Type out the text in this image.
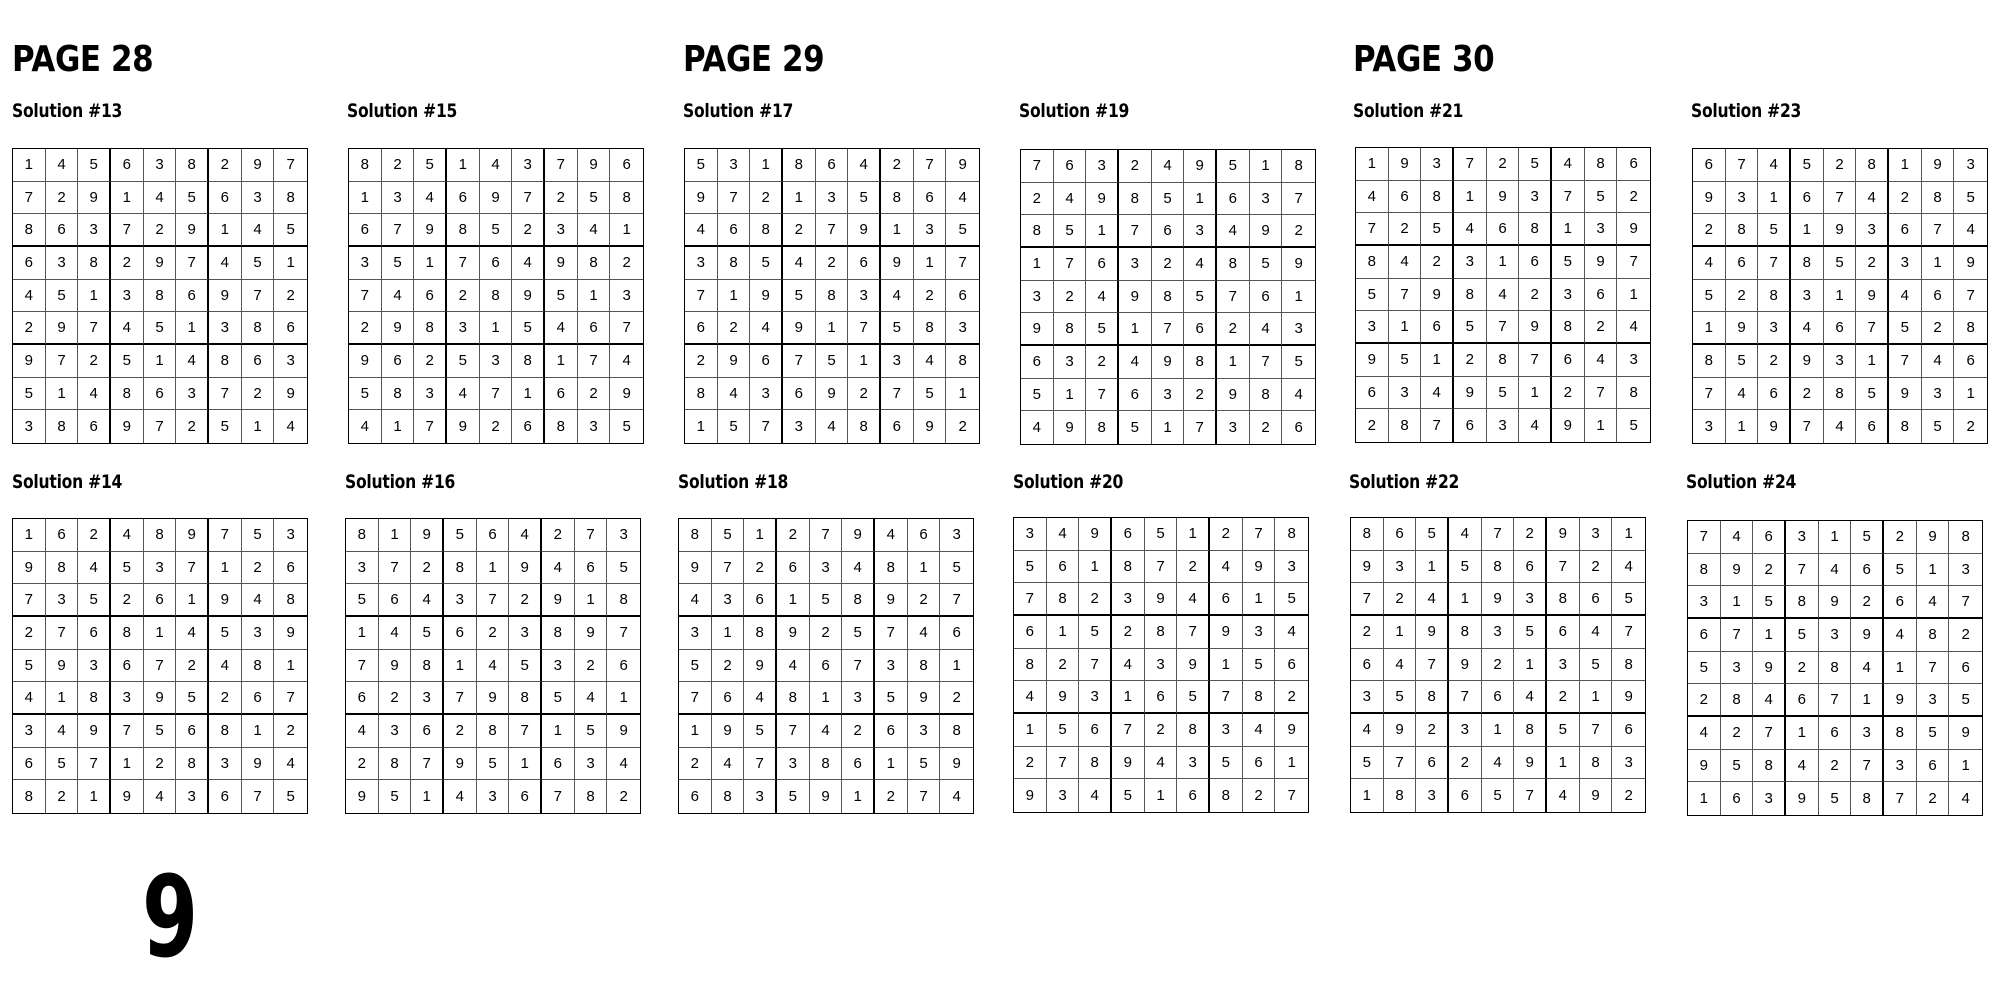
PAGE 28	PAGE 29	PAGE 30
Solution #13	Solution #15	Solution #17	Solution #19	Solution #21	Solution #23
Solution #14	Solution #16	Solution #18	Solution #20	Solution #22	Solution #24
1	4	5	6	3	8	2	9	7
7	2	9	1	4	5	6	3	8
8	6	3	7	2	9	1	4	5
6	3	8	2	9	7	4	5	1
4	5	1	3	8	6	9	7	2
2	9	7	4	5	1	3	8	6
9	7	2	5	1	4	8	6	3
5	1	4	8	6	3	7	2	9
3	8	6	9	7	2	5	1	4
8	2	5	1	4	3	7	9	6
1	3	4	6	9	7	2	5	8
6	7	9	8	5	2	3	4	1
3	5	1	7	6	4	9	8	2
7	4	6	2	8	9	5	1	3
2	9	8	3	1	5	4	6	7
9	6	2	5	3	8	1	7	4
5	8	3	4	7	1	6	2	9
4	1	7	9	2	6	8	3	5
5	3	1	8	6	4	2	7	9
9	7	2	1	3	5	8	6	4
4	6	8	2	7	9	1	3	5
3	8	5	4	2	6	9	1	7
7	1	9	5	8	3	4	2	6
6	2	4	9	1	7	5	8	3
2	9	6	7	5	1	3	4	8
8	4	3	6	9	2	7	5	1
1	5	7	3	4	8	6	9	2
7	6	3	2	4	9	5	1	8
2	4	9	8	5	1	6	3	7
8	5	1	7	6	3	4	9	2
1	7	6	3	2	4	8	5	9
3	2	4	9	8	5	7	6	1
9	8	5	1	7	6	2	4	3
6	3	2	4	9	8	1	7	5
5	1	7	6	3	2	9	8	4
4	9	8	5	1	7	3	2	6
1	9	3	7	2	5	4	8	6
4	6	8	1	9	3	7	5	2
7	2	5	4	6	8	1	3	9
8	4	2	3	1	6	5	9	7
5	7	9	8	4	2	3	6	1
3	1	6	5	7	9	8	2	4
9	5	1	2	8	7	6	4	3
6	3	4	9	5	1	2	7	8
2	8	7	6	3	4	9	1	5
6	7	4	5	2	8	1	9	3
9	3	1	6	7	4	2	8	5
2	8	5	1	9	3	6	7	4
4	6	7	8	5	2	3	1	9
5	2	8	3	1	9	4	6	7
1	9	3	4	6	7	5	2	8
8	5	2	9	3	1	7	4	6
7	4	6	2	8	5	9	3	1
3	1	9	7	4	6	8	5	2
1	6	2	4	8	9	7	5	3
9	8	4	5	3	7	1	2	6
7	3	5	2	6	1	9	4	8
2	7	6	8	1	4	5	3	9
5	9	3	6	7	2	4	8	1
4	1	8	3	9	5	2	6	7
3	4	9	7	5	6	8	1	2
6	5	7	1	2	8	3	9	4
8	2	1	9	4	3	6	7	5
8	1	9	5	6	4	2	7	3
3	7	2	8	1	9	4	6	5
5	6	4	3	7	2	9	1	8
1	4	5	6	2	3	8	9	7
7	9	8	1	4	5	3	2	6
6	2	3	7	9	8	5	4	1
4	3	6	2	8	7	1	5	9
2	8	7	9	5	1	6	3	4
9	5	1	4	3	6	7	8	2
8	5	1	2	7	9	4	6	3
9	7	2	6	3	4	8	1	5
4	3	6	1	5	8	9	2	7
3	1	8	9	2	5	7	4	6
5	2	9	4	6	7	3	8	1
7	6	4	8	1	3	5	9	2
1	9	5	7	4	2	6	3	8
2	4	7	3	8	6	1	5	9
6	8	3	5	9	1	2	7	4
3	4	9	6	5	1	2	7	8
5	6	1	8	7	2	4	9	3
7	8	2	3	9	4	6	1	5
6	1	5	2	8	7	9	3	4
8	2	7	4	3	9	1	5	6
4	9	3	1	6	5	7	8	2
1	5	6	7	2	8	3	4	9
2	7	8	9	4	3	5	6	1
9	3	4	5	1	6	8	2	7
8	6	5	4	7	2	9	3	1
9	3	1	5	8	6	7	2	4
7	2	4	1	9	3	8	6	5
2	1	9	8	3	5	6	4	7
6	4	7	9	2	1	3	5	8
3	5	8	7	6	4	2	1	9
4	9	2	3	1	8	5	7	6
5	7	6	2	4	9	1	8	3
1	8	3	6	5	7	4	9	2
7	4	6	3	1	5	2	9	8
8	9	2	7	4	6	5	1	3
3	1	5	8	9	2	6	4	7
6	7	1	5	3	9	4	8	2
5	3	9	2	8	4	1	7	6
2	8	4	6	7	1	9	3	5
4	2	7	1	6	3	8	5	9
9	5	8	4	2	7	3	6	1
1	6	3	9	5	8	7	2	4
9
